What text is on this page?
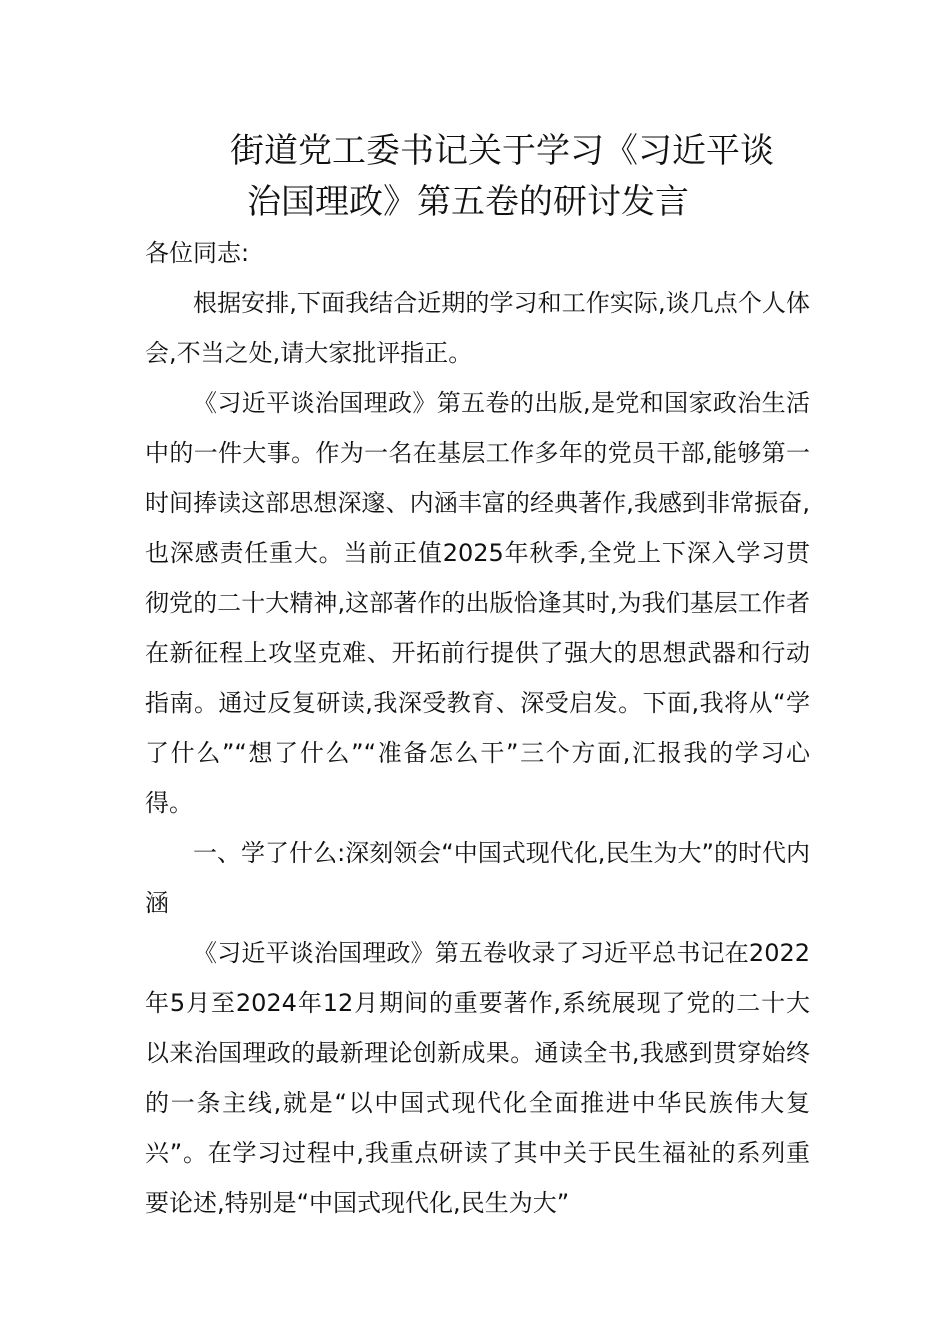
街道党工委书记关于学习《习近平谈
治国理政》第五卷的研讨发言

各位同志:

根据安排,下面我结合近期的学习和工作实际,谈几点个人体会,不当之处,请大家批评指正。

《习近平谈治国理政》第五卷的出版,是党和国家政治生活中的一件大事。作为一名在基层工作多年的党员干部,能够第一时间捧读这部思想深邃、内涵丰富的经典著作,我感到非常振奋,也深感责任重大。当前正值2025年秋季,全党上下深入学习贯彻党的二十大精神,这部著作的出版恰逢其时,为我们基层工作者在新征程上攻坚克难、开拓前行提供了强大的思想武器和行动指南。通过反复研读,我深受教育、深受启发。下面,我将从“学了什么”“想了什么”“准备怎么干”三个方面,汇报我的学习心得。

一、学了什么:深刻领会“中国式现代化,民生为大”的时代内涵

《习近平谈治国理政》第五卷收录了习近平总书记在2022年5月至2024年12月期间的重要著作,系统展现了党的二十大以来治国理政的最新理论创新成果。通读全书,我感到贯穿始终的一条主线,就是“以中国式现代化全面推进中华民族伟大复兴”。在学习过程中,我重点研读了其中关于民生福祉的系列重要论述,特别是“中国式现代化,民生为大”
